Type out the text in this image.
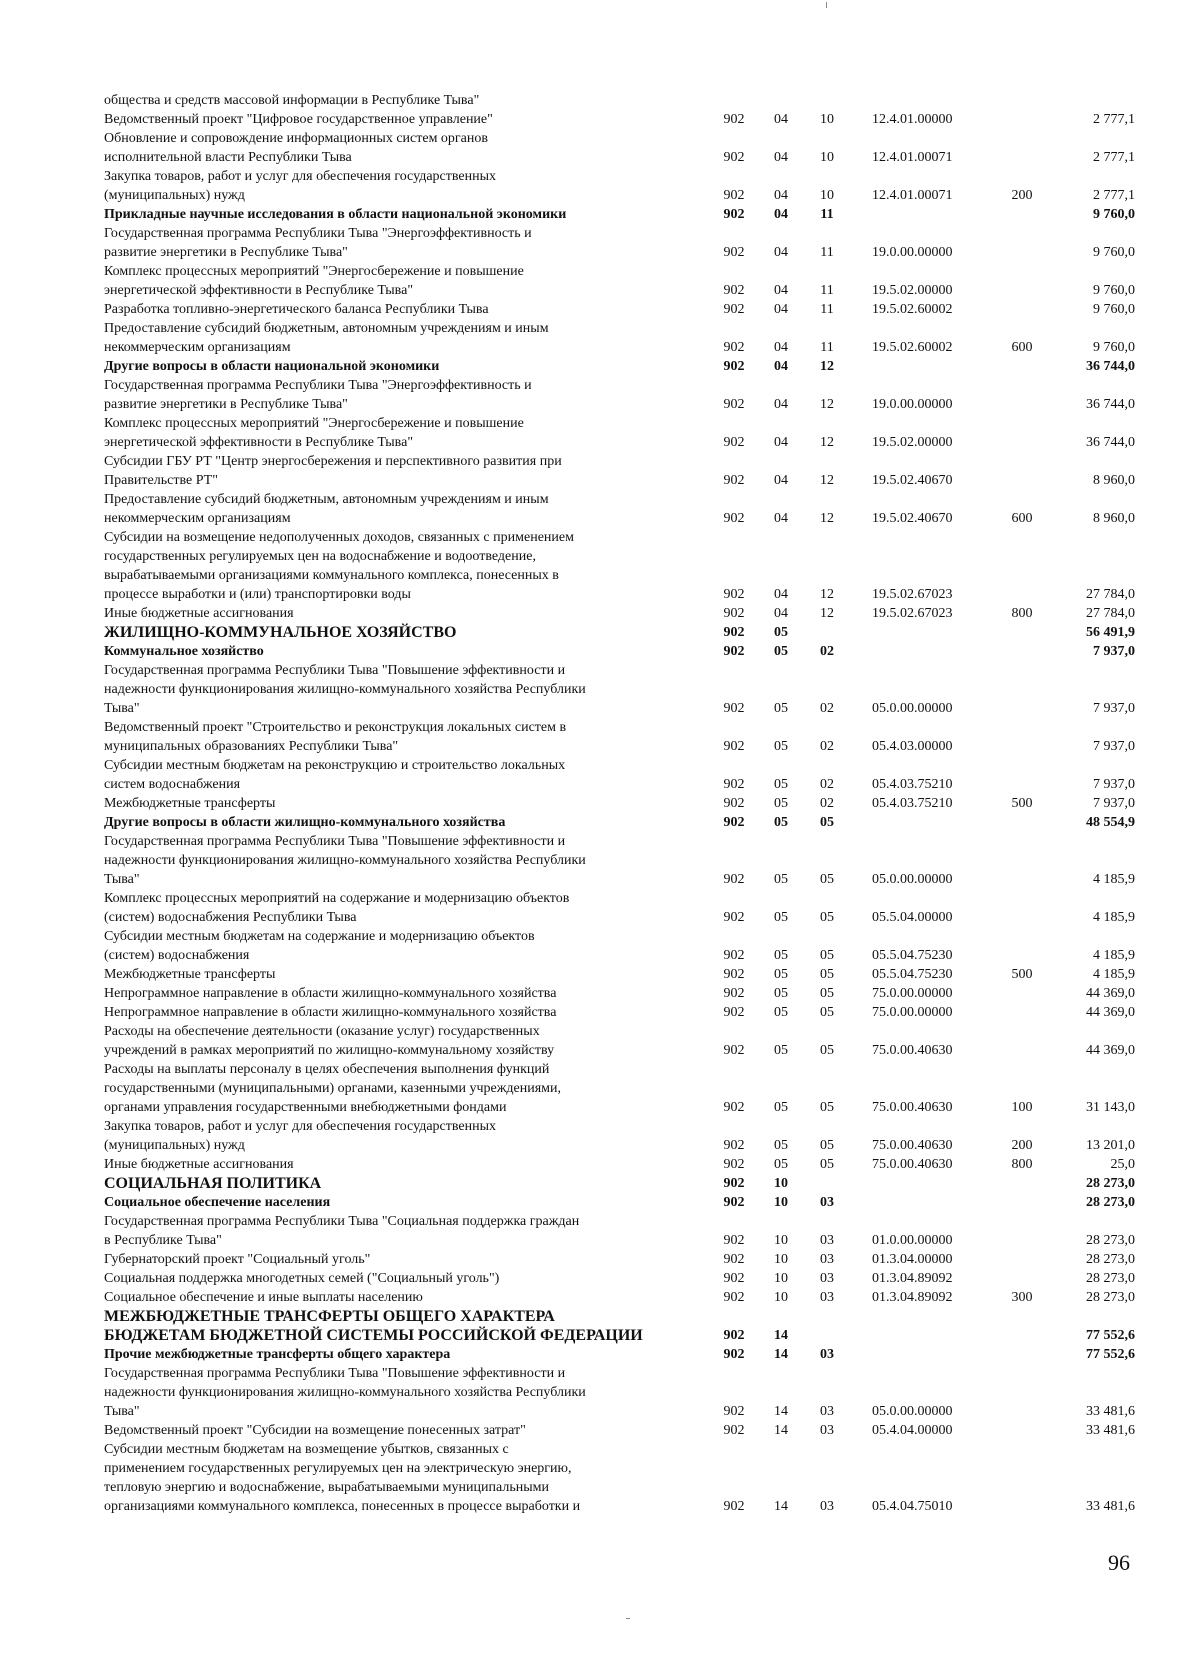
общества и средств массовой информации в Республике Тыва"
Ведомственный проект "Цифровое государственное управление"	902	04	10	12.4.01.00000	2 777,1
Обновление и сопровождение информационных систем органов
исполнительной власти Республики Тыва	902	04	10	12.4.01.00071	2 777,1
Закупка товаров, работ и услуг для обеспечения государственных
(муниципальных) нужд	902	04	10	12.4.01.00071	200	2 777,1
Прикладные научные исследования в области национальной экономики	902	04	11	9 760,0
Государственная программа Республики Тыва "Энергоэффективность и
развитие энергетики в Республике Тыва"	902	04	11	19.0.00.00000	9 760,0
Комплекс процессных мероприятий "Энергосбережение и повышение
энергетической эффективности в Республике Тыва"	902	04	11	19.5.02.00000	9 760,0
Разработка топливно-энергетического баланса Республики Тыва	902	04	11	19.5.02.60002	9 760,0
Предоставление субсидий бюджетным, автономным учреждениям и иным
некоммерческим организациям	902	04	11	19.5.02.60002	600	9 760,0
Другие вопросы в области национальной экономики	902	04	12	36 744,0
Государственная программа Республики Тыва "Энергоэффективность и
развитие энергетики в Республике Тыва"	902	04	12	19.0.00.00000	36 744,0
Комплекс процессных мероприятий "Энергосбережение и повышение
энергетической эффективности в Республике Тыва"	902	04	12	19.5.02.00000	36 744,0
Субсидии ГБУ РТ "Центр энергосбережения и перспективного развития при
Правительстве РТ"	902	04	12	19.5.02.40670	8 960,0
Предоставление субсидий бюджетным, автономным учреждениям и иным
некоммерческим организациям	902	04	12	19.5.02.40670	600	8 960,0
Субсидии на возмещение недополученных доходов, связанных с применением
государственных регулируемых цен на водоснабжение и водоотведение,
вырабатываемыми организациями коммунального комплекса, понесенных в
процессе выработки и (или) транспортировки воды	902	04	12	19.5.02.67023	27 784,0
Иные бюджетные ассигнования	902	04	12	19.5.02.67023	800	27 784,0
ЖИЛИЩНО-КОММУНАЛЬНОЕ ХОЗЯЙСТВО	902	05	56 491,9
Коммунальное хозяйство	902	05	02	7 937,0
Государственная программа Республики Тыва "Повышение эффективности и
надежности функционирования жилищно-коммунального хозяйства Республики
Тыва"	902	05	02	05.0.00.00000	7 937,0
Ведомственный проект "Строительство и реконструкция локальных систем в
муниципальных образованиях Республики Тыва"	902	05	02	05.4.03.00000	7 937,0
Субсидии местным бюджетам на реконструкцию и строительство локальных
систем водоснабжения	902	05	02	05.4.03.75210	7 937,0
Межбюджетные трансферты	902	05	02	05.4.03.75210	500	7 937,0
Другие вопросы в области жилищно-коммунального хозяйства	902	05	05	48 554,9
Государственная программа Республики Тыва "Повышение эффективности и
надежности функционирования жилищно-коммунального хозяйства Республики
Тыва"	902	05	05	05.0.00.00000	4 185,9
Комплекс процессных мероприятий на содержание и модернизацию объектов
(систем) водоснабжения Республики Тыва	902	05	05	05.5.04.00000	4 185,9
Субсидии местным бюджетам на содержание и модернизацию объектов
(систем) водоснабжения	902	05	05	05.5.04.75230	4 185,9
Межбюджетные трансферты	902	05	05	05.5.04.75230	500	4 185,9
Непрограммное направление в области жилищно-коммунального хозяйства	902	05	05	75.0.00.00000	44 369,0
Непрограммное направление в области жилищно-коммунального хозяйства	902	05	05	75.0.00.00000	44 369,0
Расходы на обеспечение деятельности (оказание услуг) государственных
учреждений в рамках мероприятий по жилищно-коммунальному хозяйству	902	05	05	75.0.00.40630	44 369,0
Расходы на выплаты персоналу в целях обеспечения выполнения функций
государственными (муниципальными) органами, казенными учреждениями,
органами управления государственными внебюджетными фондами	902	05	05	75.0.00.40630	100	31 143,0
Закупка товаров, работ и услуг для обеспечения государственных
(муниципальных) нужд	902	05	05	75.0.00.40630	200	13 201,0
Иные бюджетные ассигнования	902	05	05	75.0.00.40630	800	25,0
СОЦИАЛЬНАЯ ПОЛИТИКА	902	10	28 273,0
Социальное обеспечение населения	902	10	03	28 273,0
Государственная программа Республики Тыва "Социальная поддержка граждан
в Республике Тыва"	902	10	03	01.0.00.00000	28 273,0
Губернаторский проект "Социальный уголь"	902	10	03	01.3.04.00000	28 273,0
Социальная поддержка многодетных семей ("Социальный уголь")	902	10	03	01.3.04.89092	28 273,0
Социальное обеспечение и иные выплаты населению	902	10	03	01.3.04.89092	300	28 273,0
МЕЖБЮДЖЕТНЫЕ ТРАНСФЕРТЫ ОБЩЕГО ХАРАКТЕРА
БЮДЖЕТАМ БЮДЖЕТНОЙ СИСТЕМЫ РОССИЙСКОЙ ФЕДЕРАЦИИ	902	14	77 552,6
Прочие межбюджетные трансферты общего характера	902	14	03	77 552,6
Государственная программа Республики Тыва "Повышение эффективности и
надежности функционирования жилищно-коммунального хозяйства Республики
Тыва"	902	14	03	05.0.00.00000	33 481,6
Ведомственный проект "Субсидии на возмещение понесенных затрат"	902	14	03	05.4.04.00000	33 481,6
Субсидии местным бюджетам на возмещение убытков, связанных с
применением государственных регулируемых цен на электрическую энергию,
тепловую энергию и водоснабжение, вырабатываемыми муниципальными
организациями коммунального комплекса, понесенных в процессе выработки и	902	14	03	05.4.04.75010	33 481,6
96
